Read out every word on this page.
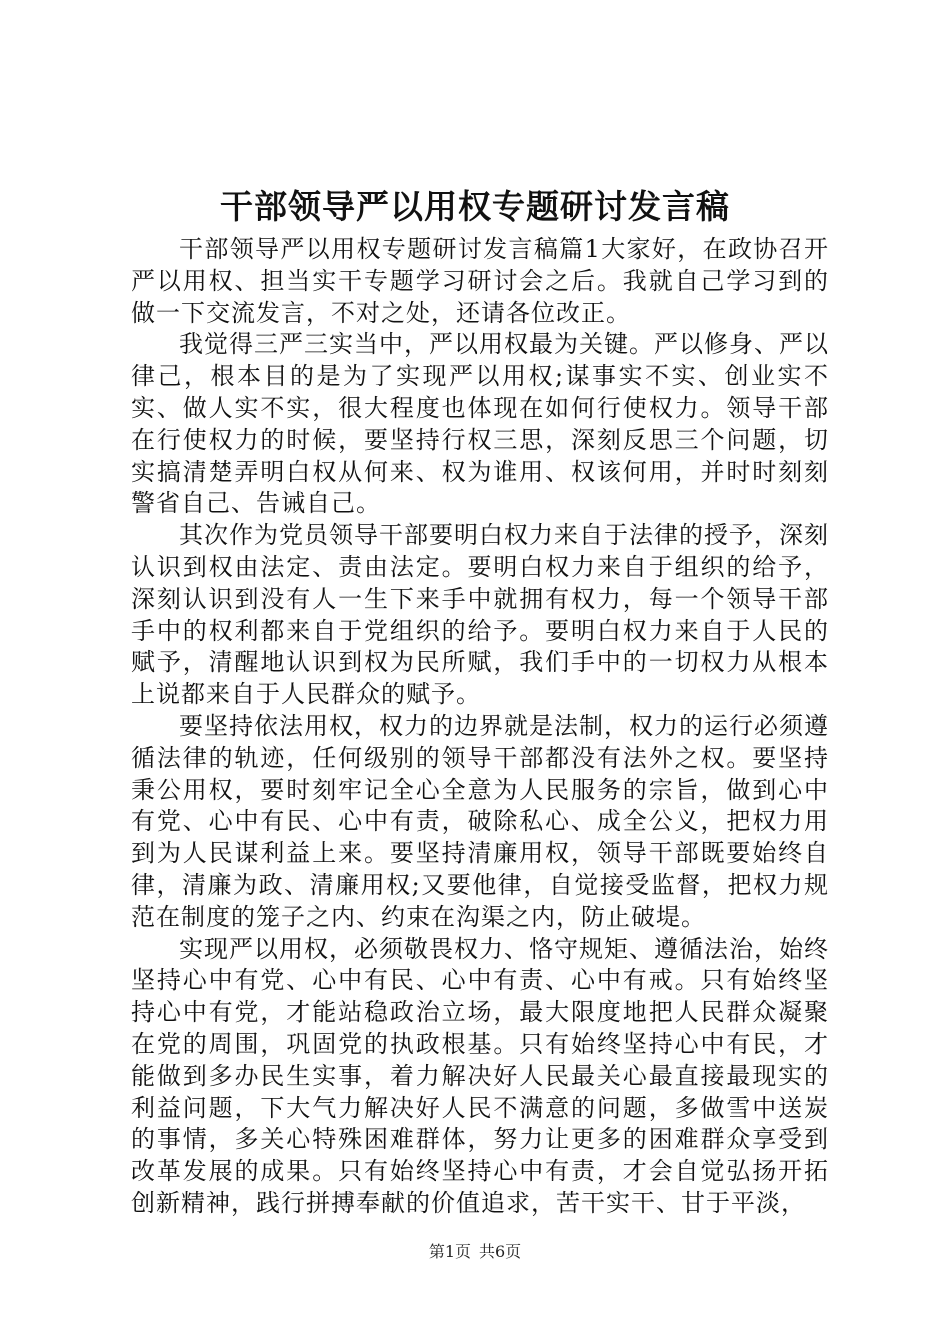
干部领导严以用权专题研讨发言稿

干部领导严以用权专题研讨发言稿篇1大家好，在政协召开严以用权、担当实干专题学习研讨会之后。我就自己学习到的做一下交流发言，不对之处，还请各位改正。

我觉得三严三实当中，严以用权最为关键。严以修身、严以律己，根本目的是为了实现严以用权;谋事实不实、创业实不实、做人实不实，很大程度也体现在如何行使权力。领导干部在行使权力的时候，要坚持行权三思，深刻反思三个问题，切实搞清楚弄明白权从何来、权为谁用、权该何用，并时时刻刻警省自己、告诫自己。

其次作为党员领导干部要明白权力来自于法律的授予，深刻认识到权由法定、责由法定。要明白权力来自于组织的给予，深刻认识到没有人一生下来手中就拥有权力，每一个领导干部手中的权利都来自于党组织的给予。要明白权力来自于人民的赋予，清醒地认识到权为民所赋，我们手中的一切权力从根本上说都来自于人民群众的赋予。

要坚持依法用权，权力的边界就是法制，权力的运行必须遵循法律的轨迹，任何级别的领导干部都没有法外之权。要坚持秉公用权，要时刻牢记全心全意为人民服务的宗旨，做到心中有党、心中有民、心中有责，破除私心、成全公义，把权力用到为人民谋利益上来。要坚持清廉用权，领导干部既要始终自律，清廉为政、清廉用权;又要他律，自觉接受监督，把权力规范在制度的笼子之内、约束在沟渠之内，防止破堤。

实现严以用权，必须敬畏权力、恪守规矩、遵循法治，始终坚持心中有党、心中有民、心中有责、心中有戒。只有始终坚持心中有党，才能站稳政治立场，最大限度地把人民群众凝聚在党的周围，巩固党的执政根基。只有始终坚持心中有民，才能做到多办民生实事，着力解决好人民最关心最直接最现实的利益问题，下大气力解决好人民不满意的问题，多做雪中送炭的事情，多关心特殊困难群体，努力让更多的困难群众享受到改革发展的成果。只有始终坚持心中有责，才会自觉弘扬开拓创新精神，践行拼搏奉献的价值追求，苦干实干、甘于平淡，

第1页 共6页
